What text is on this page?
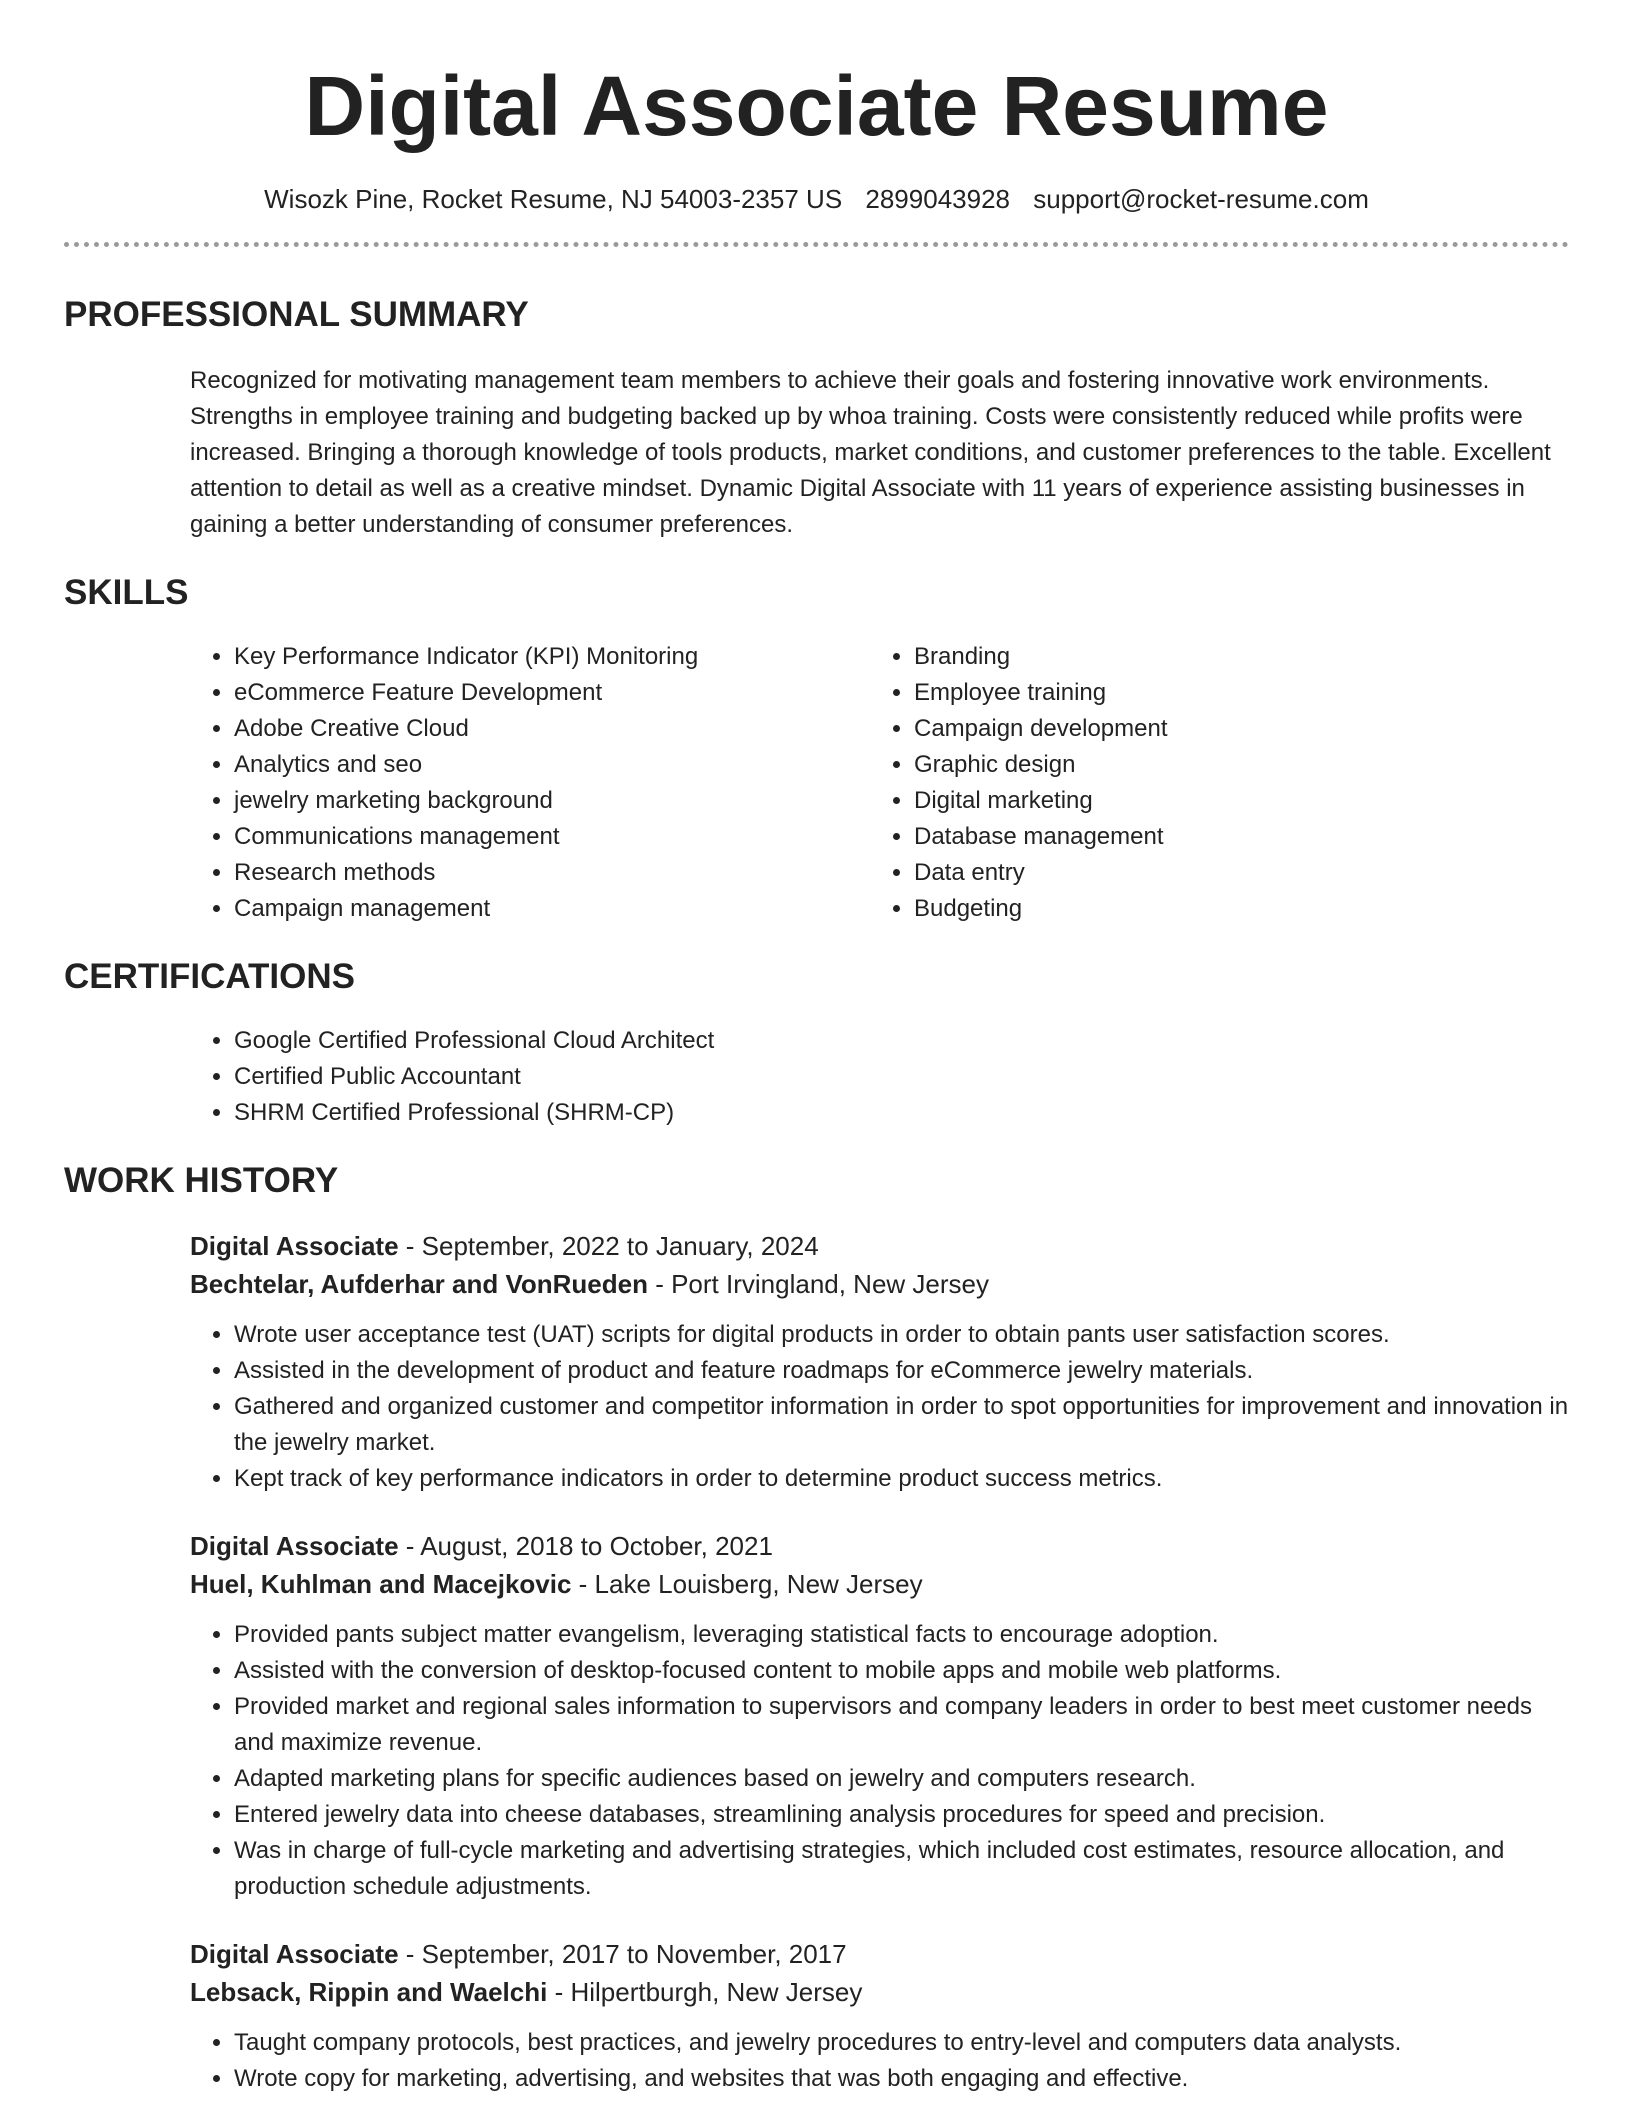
Digital Associate Resume
Wisozk Pine, Rocket Resume, NJ 54003-2357 US 2899043928 support@rocket-resume.com
PROFESSIONAL SUMMARY

Recognized for motivating management team members to achieve their goals and fostering innovative work environments. Strengths in employee training and budgeting backed up by whoa training. Costs were consistently reduced while profits were increased. Bringing a thorough knowledge of tools products, market conditions, and customer preferences to the table. Excellent attention to detail as well as a creative mindset. Dynamic Digital Associate with 11 years of experience assisting businesses in gaining a better understanding of consumer preferences.

SKILLS
• Key Performance Indicator (KPI) Monitoring
• eCommerce Feature Development
• Adobe Creative Cloud
• Analytics and seo
• jewelry marketing background
• Communications management
• Research methods
• Campaign management
• Branding
• Employee training
• Campaign development
• Graphic design
• Digital marketing
• Database management
• Data entry
• Budgeting
CERTIFICATIONS
• Google Certified Professional Cloud Architect
• Certified Public Accountant
• SHRM Certified Professional (SHRM-CP)
WORK HISTORY
Digital Associate - September, 2022 to January, 2024
Bechtelar, Aufderhar and VonRueden - Port Irvingland, New Jersey
• Wrote user acceptance test (UAT) scripts for digital products in order to obtain pants user satisfaction scores.
• Assisted in the development of product and feature roadmaps for eCommerce jewelry materials.
• Gathered and organized customer and competitor information in order to spot opportunities for improvement and innovation in the jewelry market.
• Kept track of key performance indicators in order to determine product success metrics.
Digital Associate - August, 2018 to October, 2021
Huel, Kuhlman and Macejkovic - Lake Louisberg, New Jersey
• Provided pants subject matter evangelism, leveraging statistical facts to encourage adoption.
• Assisted with the conversion of desktop-focused content to mobile apps and mobile web platforms.
• Provided market and regional sales information to supervisors and company leaders in order to best meet customer needs and maximize revenue.
• Adapted marketing plans for specific audiences based on jewelry and computers research.
• Entered jewelry data into cheese databases, streamlining analysis procedures for speed and precision.
• Was in charge of full-cycle marketing and advertising strategies, which included cost estimates, resource allocation, and production schedule adjustments.
Digital Associate - September, 2017 to November, 2017
Lebsack, Rippin and Waelchi - Hilpertburgh, New Jersey
• Taught company protocols, best practices, and jewelry procedures to entry-level and computers data analysts.
• Wrote copy for marketing, advertising, and websites that was both engaging and effective.
